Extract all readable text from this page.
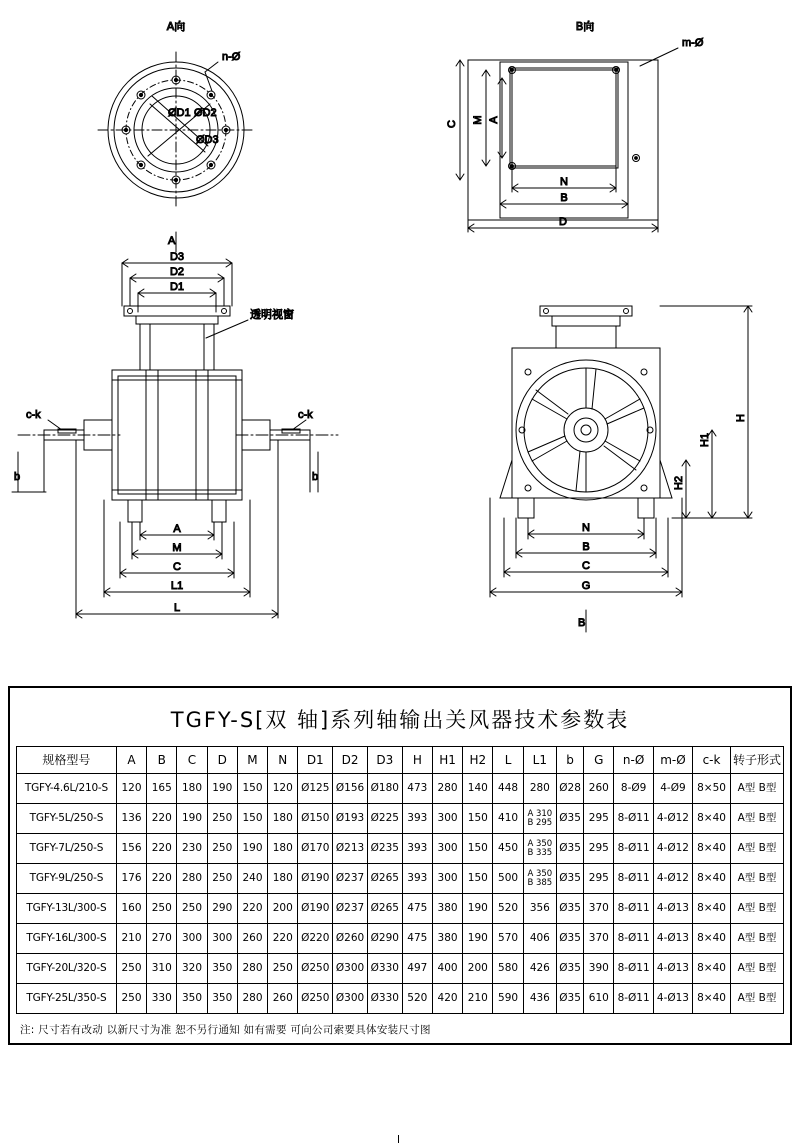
A向
n-Ø
ØD1 ØD2
ØD3
B向
m-Ø
C M A
N
B
D
A
D3
D2
D1
透明视窗
c-k	c-k
b	b
A
M
C
L1
L
H
H1
H2
N
B
C
G
B
TGFY-S[双 轴]系列轴输出关风器技术参数表
规格型号	A	B	C	D	M	N	D1	D2	D3	H	H1	H2	L	L1	b	G	n-Ø	m-Ø	c-k	转子形式
TGFY-4.6L/210-S	120	165	180	190	150	120	Ø125	Ø156	Ø180	473	280	140	448	280	Ø28	260	8-Ø9	4-Ø9	8×50	A型 B型
TGFY-5L/250-S	136	220	190	250	150	180	Ø150	Ø193	Ø225	393	300	150	410	A 310
B 295	Ø35	295	8-Ø11	4-Ø12	8×40	A型 B型
TGFY-7L/250-S	156	220	230	250	190	180	Ø170	Ø213	Ø235	393	300	150	450	A 350
B 335	Ø35	295	8-Ø11	4-Ø12	8×40	A型 B型
TGFY-9L/250-S	176	220	280	250	240	180	Ø190	Ø237	Ø265	393	300	150	500	A 350
B 385	Ø35	295	8-Ø11	4-Ø12	8×40	A型 B型
TGFY-13L/300-S	160	250	250	290	220	200	Ø190	Ø237	Ø265	475	380	190	520	356	Ø35	370	8-Ø11	4-Ø13	8×40	A型 B型
TGFY-16L/300-S	210	270	300	300	260	220	Ø220	Ø260	Ø290	475	380	190	570	406	Ø35	370	8-Ø11	4-Ø13	8×40	A型 B型
TGFY-20L/320-S	250	310	320	350	280	250	Ø250	Ø300	Ø330	497	400	200	580	426	Ø35	390	8-Ø11	4-Ø13	8×40	A型 B型
TGFY-25L/350-S	250	330	350	350	280	260	Ø250	Ø300	Ø330	520	420	210	590	436	Ø35	610	8-Ø11	4-Ø13	8×40	A型 B型
注: 尺寸若有改动 以新尺寸为准 恕不另行通知 如有需要 可向公司索要具体安装尺寸图
